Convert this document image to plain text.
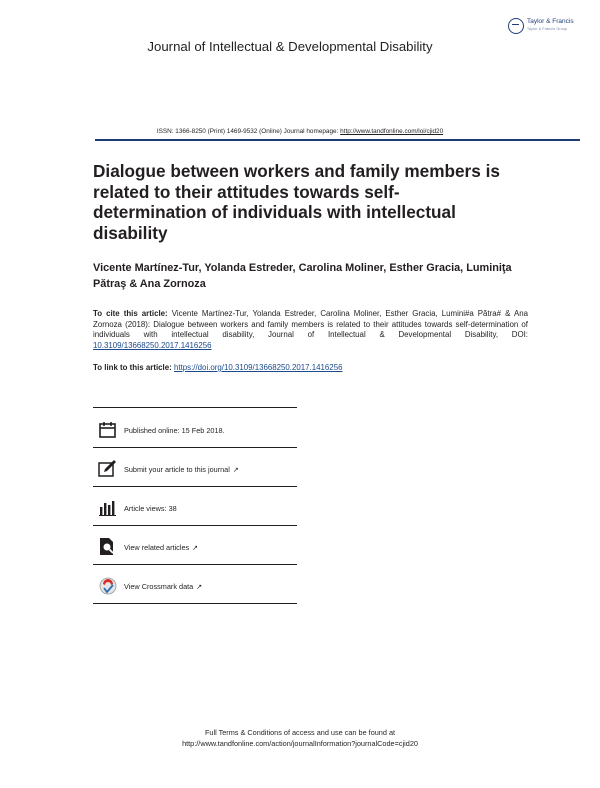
Taylor & Francis
Taylor & Francis Group
Journal of Intellectual & Developmental Disability
ISSN: 1366-8250 (Print) 1469-9532 (Online) Journal homepage: http://www.tandfonline.com/loi/cjid20
Dialogue between workers and family members is related to their attitudes towards self-determination of individuals with intellectual disability
Vicente Martínez-Tur, Yolanda Estreder, Carolina Moliner, Esther Gracia, Luminiţa Pătraş & Ana Zornoza
To cite this article: Vicente Martínez-Tur, Yolanda Estreder, Carolina Moliner, Esther Gracia, Lumini#a Pătra# & Ana Zornoza (2018): Dialogue between workers and family members is related to their attitudes towards self-determination of individuals with intellectual disability, Journal of Intellectual & Developmental Disability, DOI: 10.3109/13668250.2017.1416256
To link to this article: https://doi.org/10.3109/13668250.2017.1416256
Published online: 15 Feb 2018.
Submit your article to this journal ↗
Article views: 38
View related articles ↗
View Crossmark data ↗
Full Terms & Conditions of access and use can be found at
http://www.tandfonline.com/action/journalInformation?journalCode=cjid20
